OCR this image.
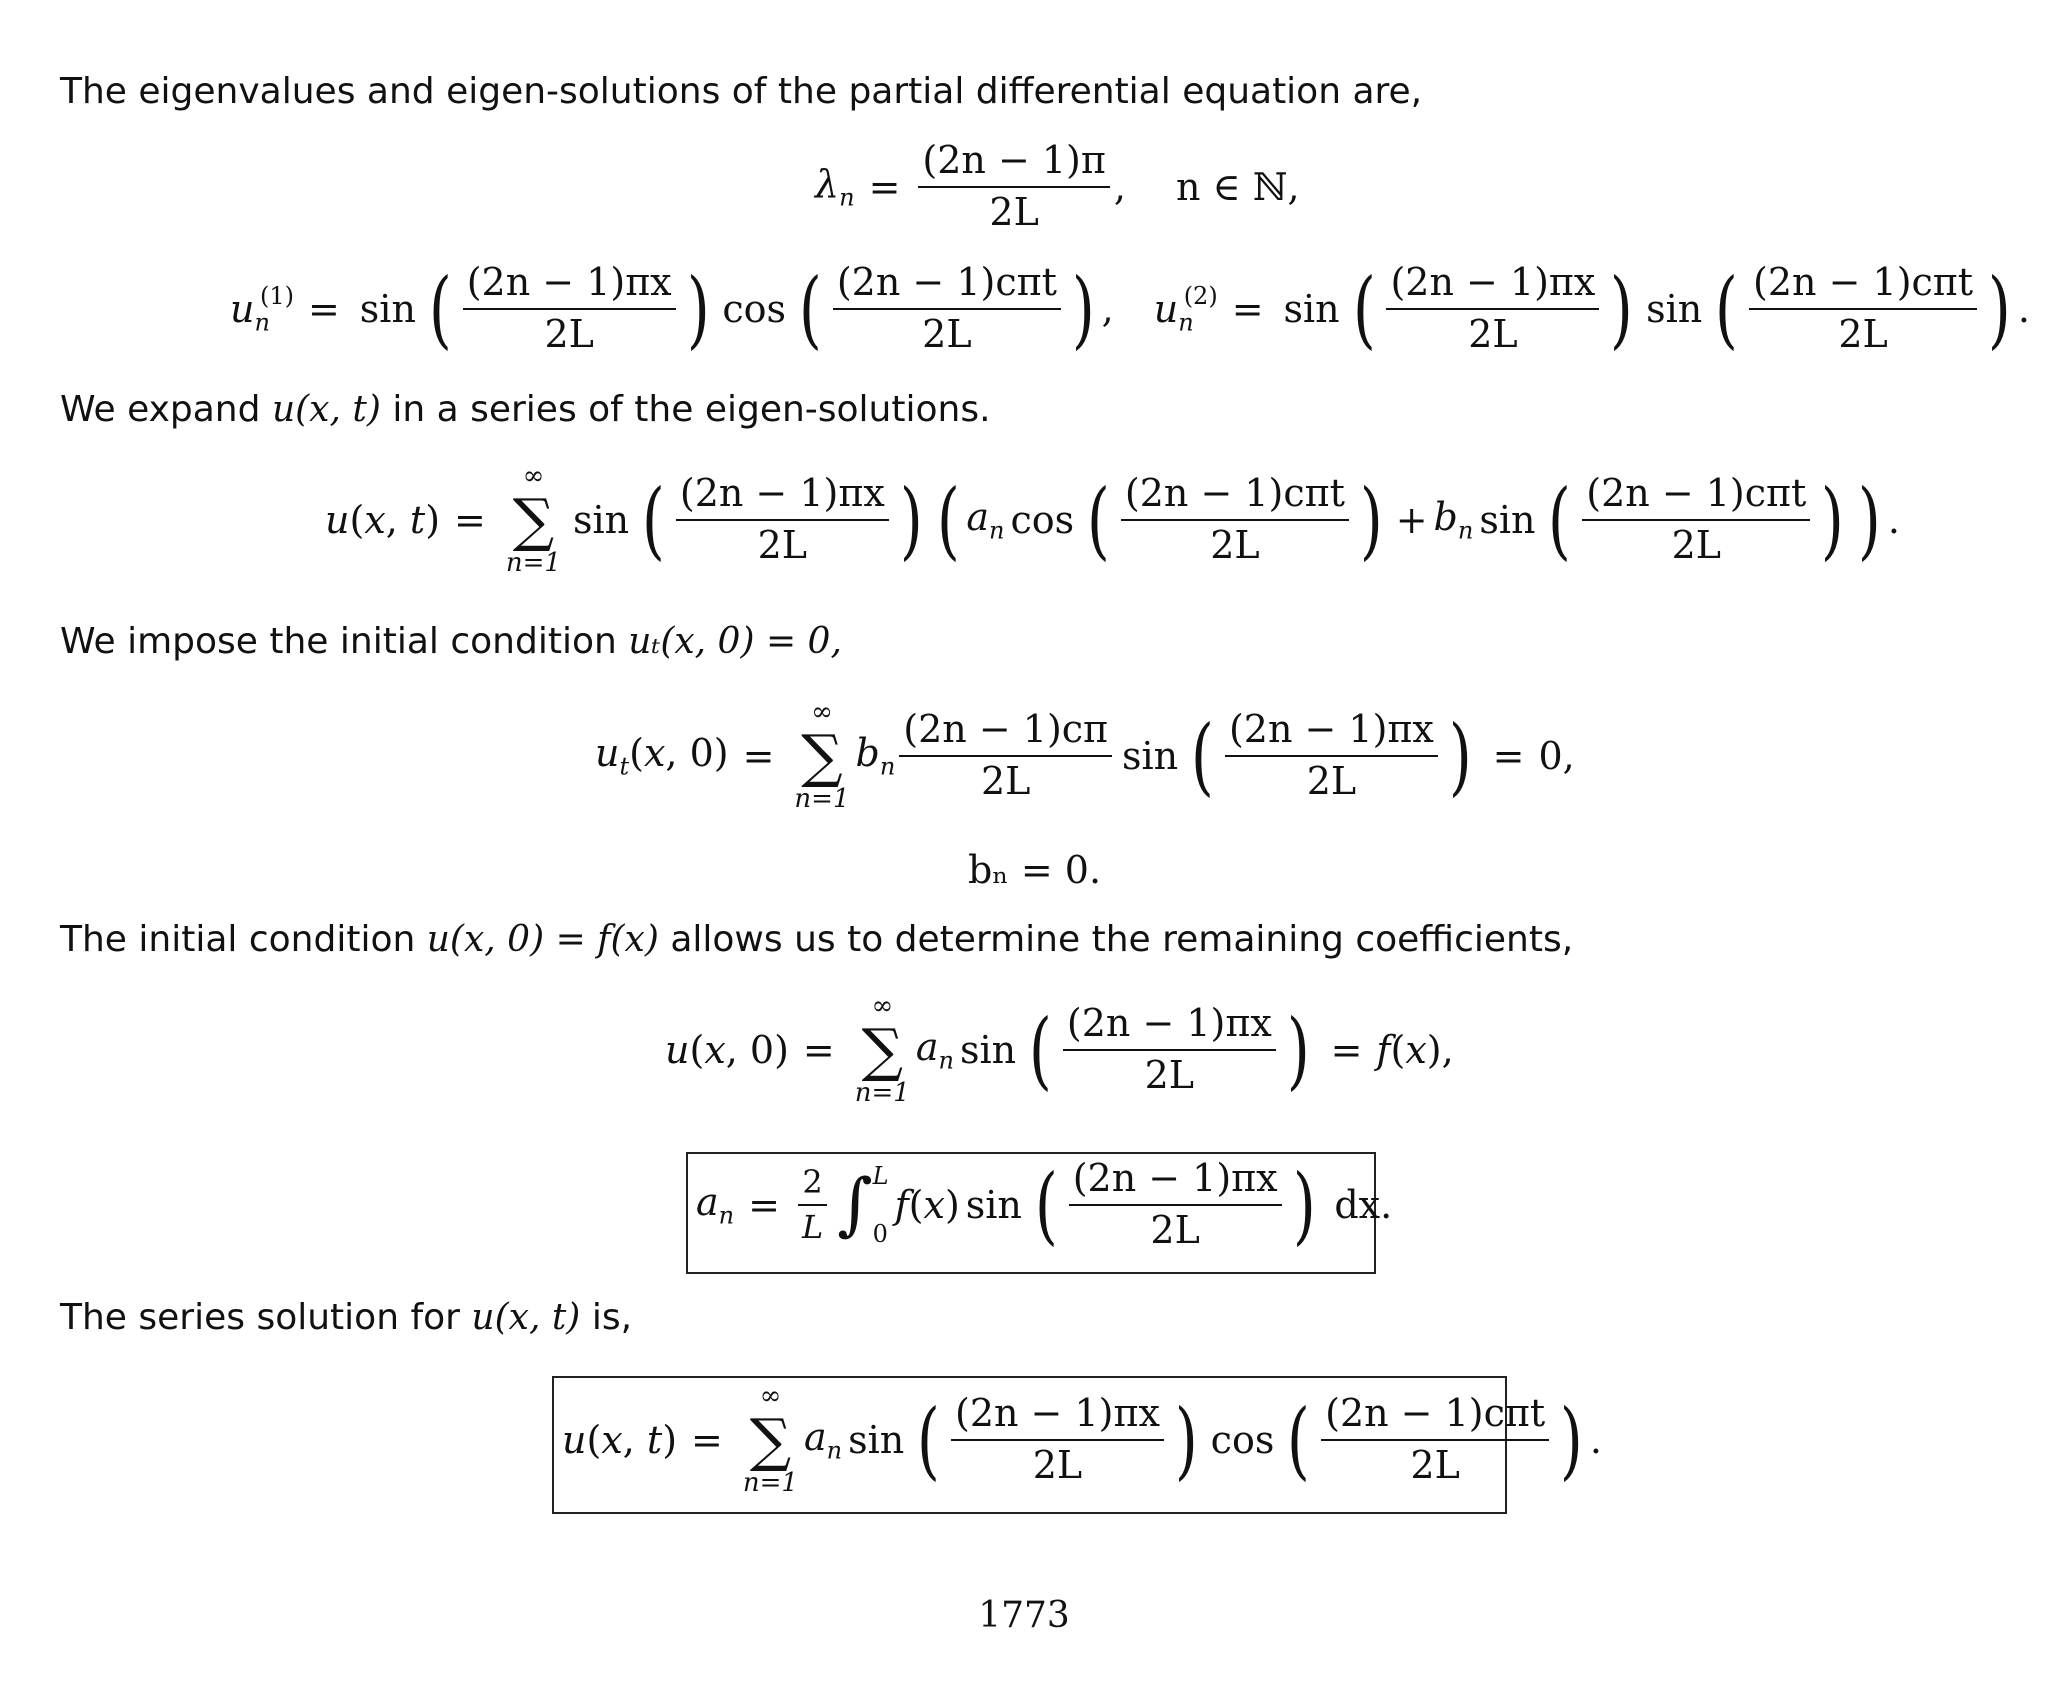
The eigenvalues and eigen-solutions of the partial differential equation are,
$\lambda_n = \frac{(2n - 1)\pi}{2L}$ , n ∈ ℕ,
$u_n^{(1)} = \sin$ ( $\frac{(2n - 1)\pi x}{2L}$ ) cos ( $\frac{\text{(2n − 1)cπt}}{2L}$ ) , $u_n^{(2)} = \sin$ ( $\frac{(2n - 1)\pi x}{2L}$ ) sin ( $\frac{\text{(2n − 1)cπt}}{2L}$ ) .
We expand u(x, t) in a series of the eigen-solutions.
u(x, t) =
∞
∑
n=1
sin ( $\frac{(2n - 1)\pi x}{2L}$ ) ( $a_n$ cos ( $\frac{\text{(2n − 1)cπt}}{2L}$ ) + $b_n$ sin ( $\frac{\text{(2n − 1)cπt}}{2L}$ ) ) .
We impose the initial condition uₜ(x, 0) = 0,
$u_t(x$, 0) =
∞
∑
n=1
$b_n \frac{(2n - 1)c\pi}{2L}$ sin ( $\frac{(2n - 1)\pi x}{2L}$ ) = 0,
bₙ = 0.
The initial condition u(x, 0) = f(x) allows us to determine the remaining coefficients,
u(x, 0) =
∞
∑
n=1
$a_n$ sin ( $\frac{(2n - 1)\pi x}{2L}$ ) = f(x),
$a_n = \frac{2}{L}$ ∫ L
0
f(x) sin ( $\frac{(2n - 1)\pi x}{2L}$ ) dx.
The series solution for u(x, t) is,
u(x, t) =
∞
∑
n=1
$a_n$ sin ( $\frac{(2n - 1)\pi x}{2L}$ ) cos ( $\frac{\text{(2n − 1)cπt}}{2L}$ ) .
1773
